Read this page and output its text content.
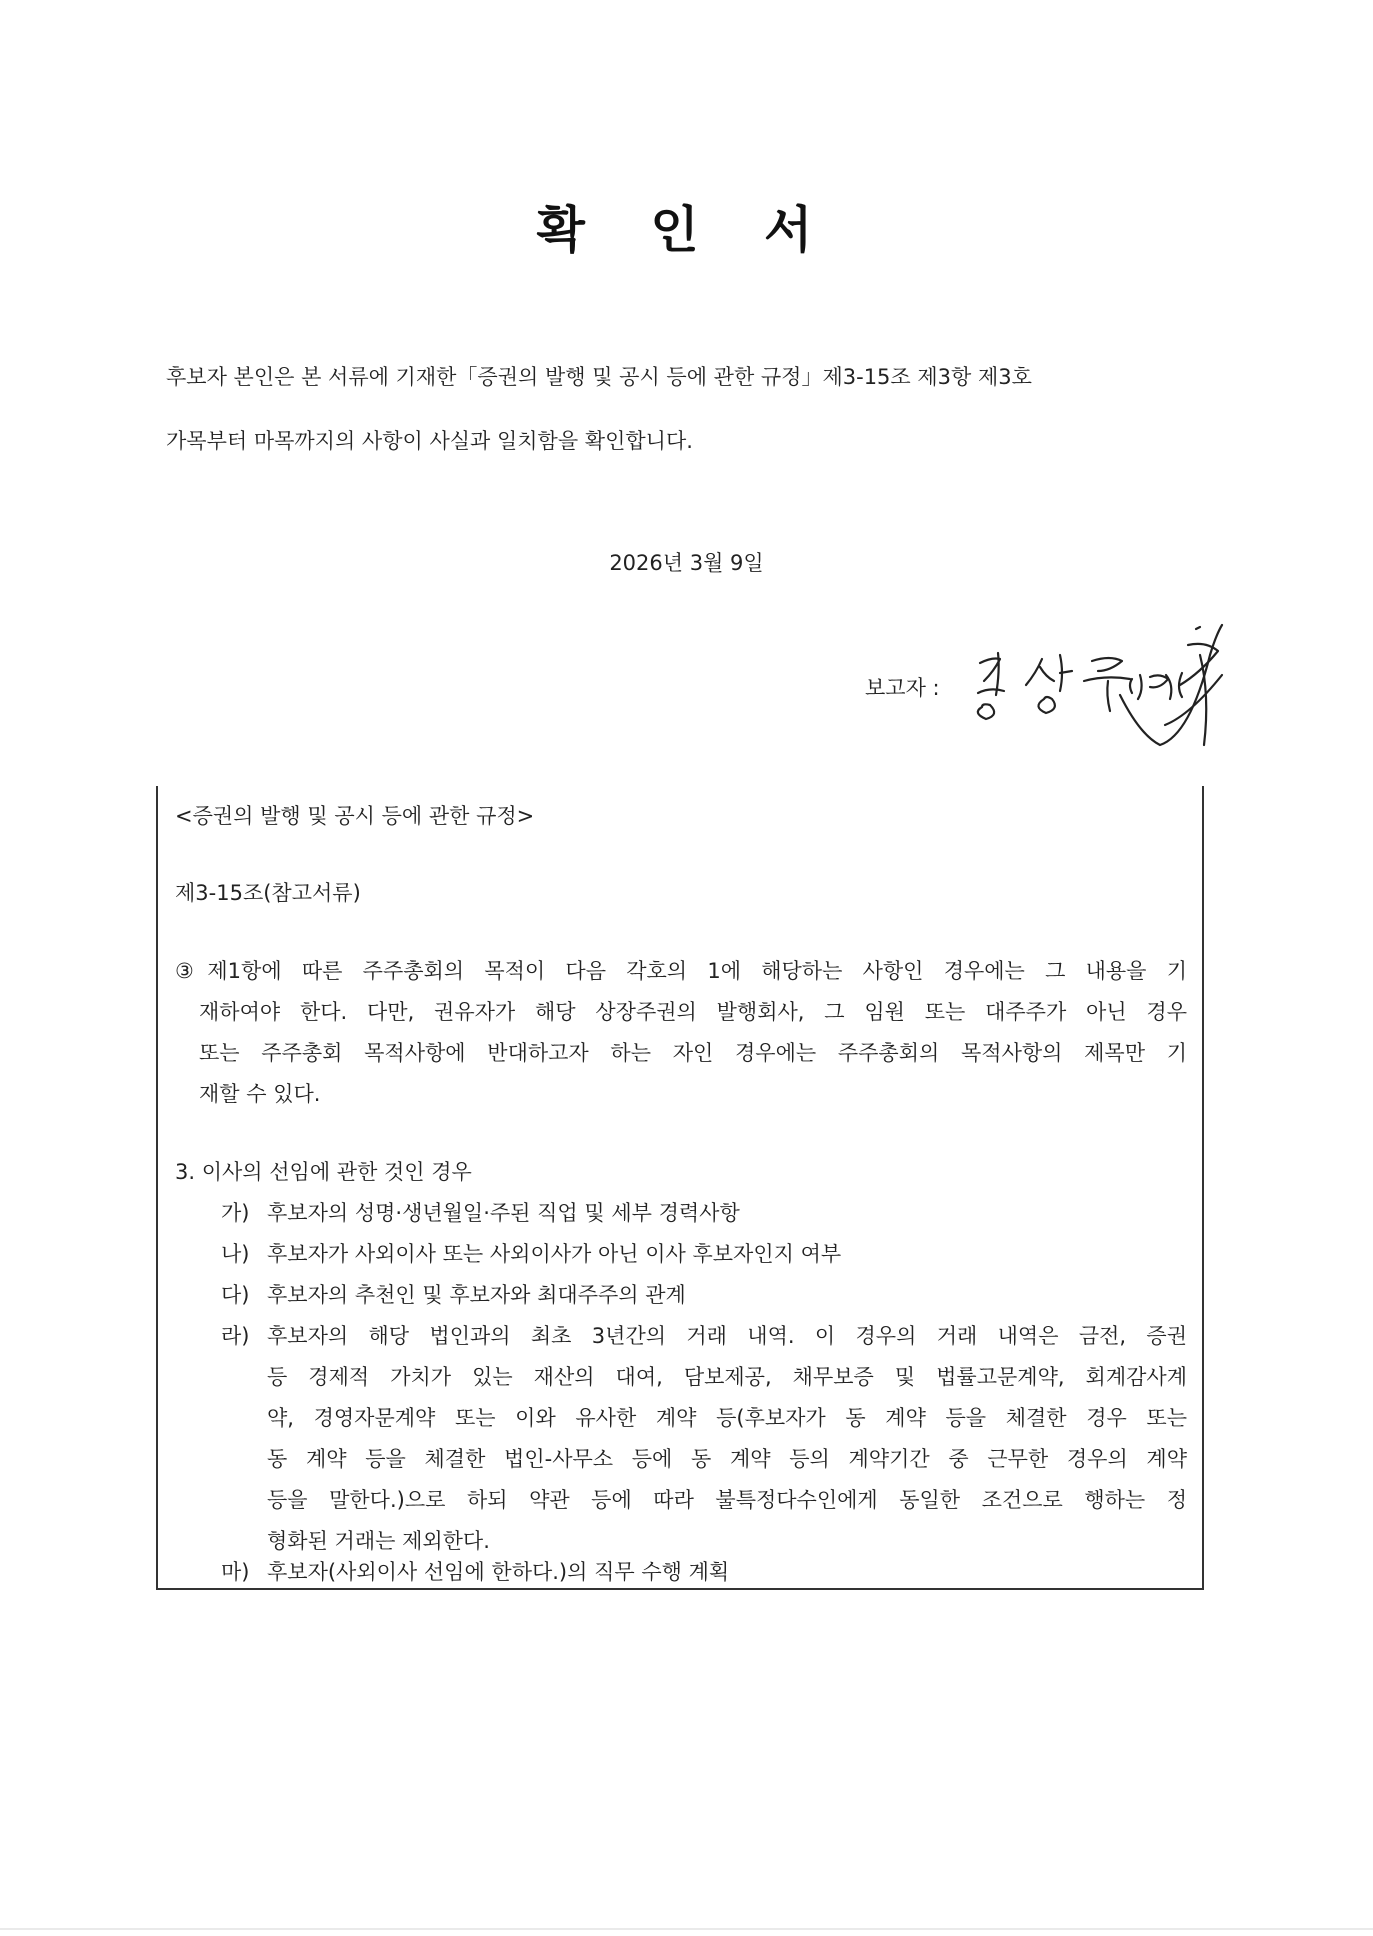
확 인 서
후보자 본인은 본 서류에 기재한「증권의 발행 및 공시 등에 관한 규정」제3-15조 제3항 제3호
가목부터 마목까지의 사항이 사실과 일치함을 확인합니다.
2026년 3월 9일
보고자 :
<증권의 발행 및 공시 등에 관한 규정>
제3-15조(참고서류)
③제1항에 따른 주주총회의 목적이 다음 각호의 1에 해당하는 사항인 경우에는 그 내용을 기
재하여야 한다. 다만, 권유자가 해당 상장주권의 발행회사, 그 임원 또는 대주주가 아닌 경우
또는 주주총회 목적사항에 반대하고자 하는 자인 경우에는 주주총회의 목적사항의 제목만 기
재할 수 있다.
3. 이사의 선임에 관한 것인 경우
가) 후보자의 성명·생년월일·주된 직업 및 세부 경력사항
나) 후보자가 사외이사 또는 사외이사가 아닌 이사 후보자인지 여부
다) 후보자의 추천인 및 후보자와 최대주주의 관계
라) 후보자의 해당 법인과의 최초 3년간의 거래 내역. 이 경우의 거래 내역은 금전, 증권
등 경제적 가치가 있는 재산의 대여, 담보제공, 채무보증 및 법률고문계약, 회계감사계
약, 경영자문계약 또는 이와 유사한 계약 등(후보자가 동 계약 등을 체결한 경우 또는
동 계약 등을 체결한 법인-사무소 등에 동 계약 등의 계약기간 중 근무한 경우의 계약
등을 말한다.)으로 하되 약관 등에 따라 불특정다수인에게 동일한 조건으로 행하는 정
형화된 거래는 제외한다.
마) 후보자(사외이사 선임에 한하다.)의 직무 수행 계획
